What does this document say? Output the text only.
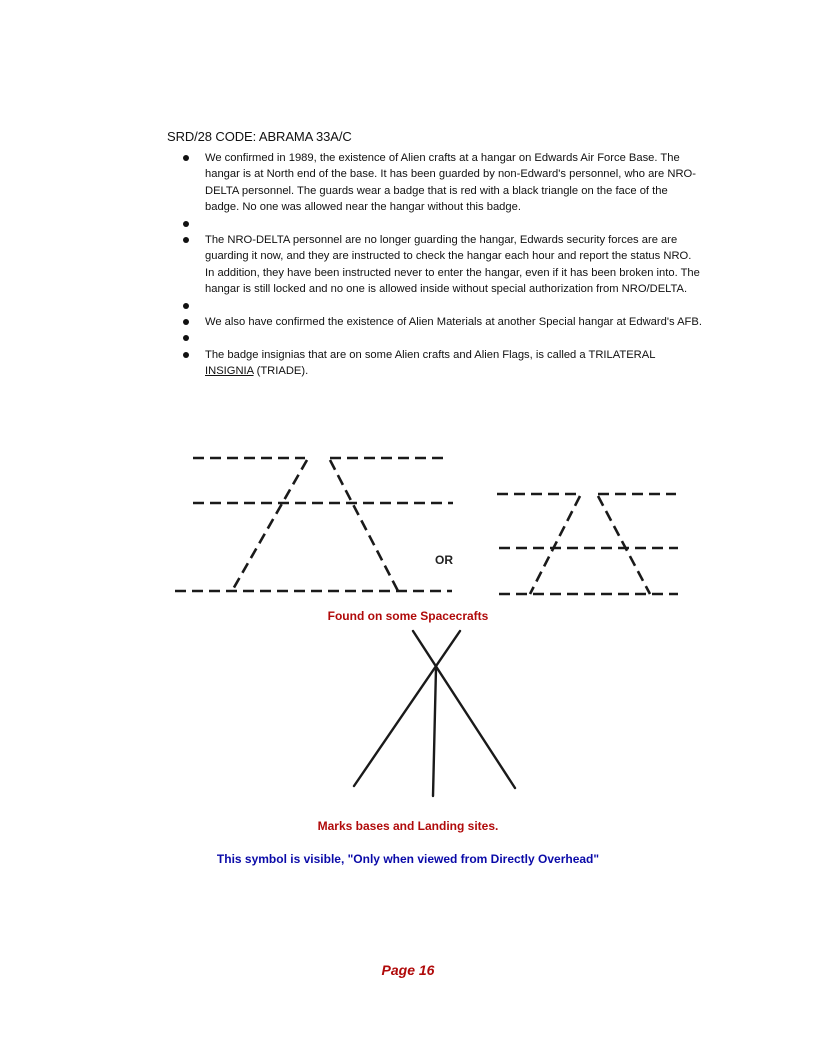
SRD/28 CODE: ABRAMA 33A/C
We confirmed in 1989, the existence of Alien crafts at a hangar on Edwards Air Force Base. The hangar is at North end of the base. It has been guarded by non-Edward's personnel, who are NRO-DELTA personnel. The guards wear a badge that is red with a black triangle on the face of the badge. No one was allowed near the hangar without this badge.
The NRO-DELTA personnel are no longer guarding the hangar, Edwards security forces are are guarding it now, and they are instructed to check the hangar each hour and report the status NRO. In addition, they have been instructed never to enter the hangar, even if it has been broken into. The hangar is still locked and no one is allowed inside without special authorization from NRO/DELTA.
We also have confirmed the existence of Alien Materials at another Special hangar at Edward's AFB.
The badge insignias that are on some Alien crafts and Alien Flags, is called a TRILATERAL INSIGNIA (TRIADE).
OR
Found on some Spacecrafts
Marks bases and Landing sites.
This symbol is visible, "Only when viewed from Directly Overhead"
Page 16
